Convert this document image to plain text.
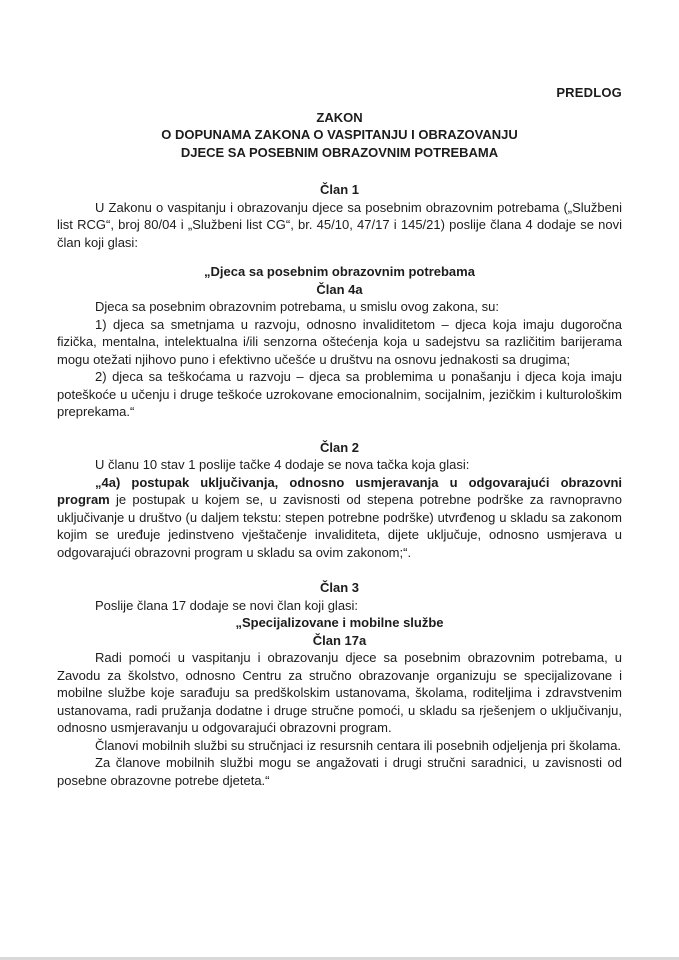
PREDLOG
ZAKON
O DOPUNAMA ZAKONA O VASPITANJU I OBRAZOVANJU
DJECE SA POSEBNIM OBRAZOVNIM POTREBAMA
Član 1

U Zakonu o vaspitanju i obrazovanju djece sa posebnim obrazovnim potrebama („Službeni list RCG“, broj 80/04 i „Službeni list CG“, br. 45/10, 47/17 i 145/21) poslije člana 4 dodaje se novi član koji glasi:

„Djeca sa posebnim obrazovnim potrebama
Član 4a

Djeca sa posebnim obrazovnim potrebama, u smislu ovog zakona, su:

1) djeca sa smetnjama u razvoju, odnosno invaliditetom – djeca koja imaju dugoročna fizička, mentalna, intelektualna i/ili senzorna oštećenja koja u sadejstvu sa različitim barijerama mogu otežati njihovo puno i efektivno učešće u društvu na osnovu jednakosti sa drugima;

2) djeca sa teškoćama u razvoju – djeca sa problemima u ponašanju i djeca koja imaju poteškoće u učenju i druge teškoće uzrokovane emocionalnim, socijalnim, jezičkim i kulturološkim preprekama.“

Član 2

U članu 10 stav 1 poslije tačke 4 dodaje se nova tačka koja glasi:

„4a) postupak uključivanja, odnosno usmjeravanja u odgovarajući obrazovni program je postupak u kojem se, u zavisnosti od stepena potrebne podrške za ravnopravno uključivanje u društvo (u daljem tekstu: stepen potrebne podrške) utvrđenog u skladu sa zakonom kojim se uređuje jedinstveno vještačenje invaliditeta, dijete uključuje, odnosno usmjerava u odgovarajući obrazovni program u skladu sa ovim zakonom;“.

Član 3

Poslije člana 17 dodaje se novi član koji glasi:

„Specijalizovane i mobilne službe
Član 17a

Radi pomoći u vaspitanju i obrazovanju djece sa posebnim obrazovnim potrebama, u Zavodu za školstvo, odnosno Centru za stručno obrazovanje organizuju se specijalizovane i mobilne službe koje sarađuju sa predškolskim ustanovama, školama, roditeljima i zdravstvenim ustanovama, radi pružanja dodatne i druge stručne pomoći, u skladu sa rješenjem o uključivanju, odnosno usmjeravanju u odgovarajući obrazovni program.

Članovi mobilnih službi su stručnjaci iz resursnih centara ili posebnih odjeljenja pri školama.

Za članove mobilnih službi mogu se angažovati i drugi stručni saradnici, u zavisnosti od posebne obrazovne potrebe djeteta.“
